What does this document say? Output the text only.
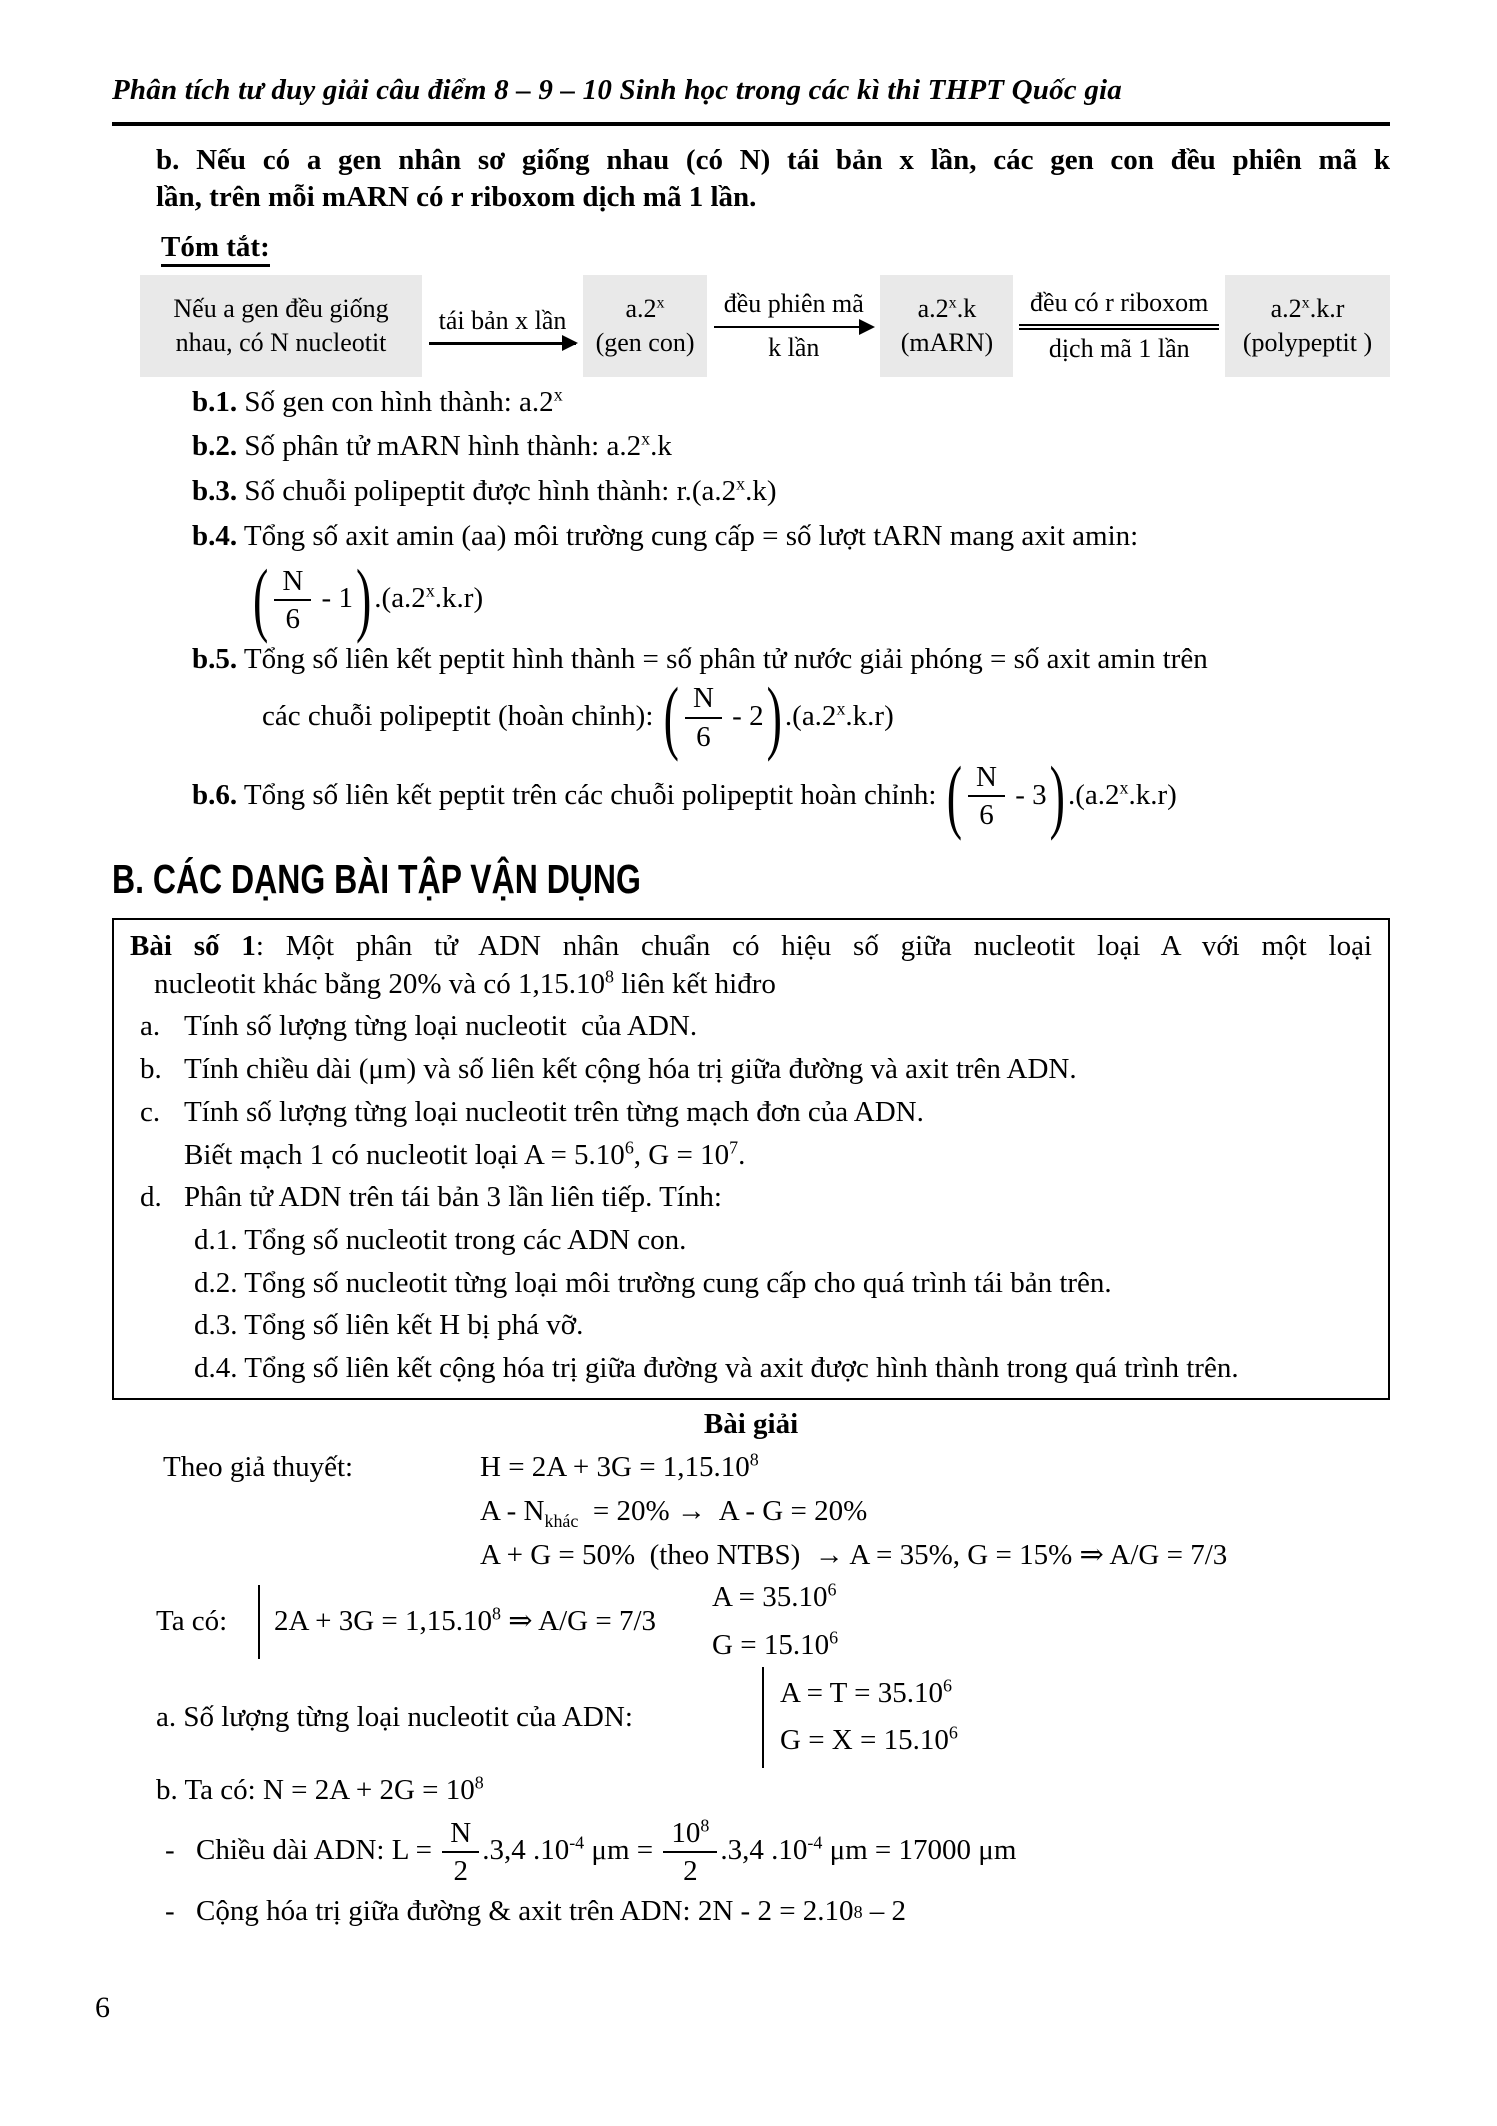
Phân tích tư duy giải câu điểm 8 – 9 – 10 Sinh học trong các kì thi THPT Quốc gia
b. Nếu có a gen nhân sơ giống nhau (có N) tái bản x lần, các gen con đều phiên mã k
lần, trên mỗi mARN có r riboxom dịch mã 1 lần.
Tóm tắt:
Nếu a gen đều giống nhau, có N nucleotit
tái bản x lần	a.2$^x$
(gen con)
đều phiên mã
k lần
a.2$^x$.k
(mARN)
đều có r riboxom
dịch mã 1 lần
a.2$^x$.k.r
(polypeptit )
b.1. Số gen con hình thành: a.2$^x$
b.2. Số phân tử mARN hình thành: a.2$^x$.k
b.3. Số chuỗi polipeptit được hình thành: r.(a.2$^x$.k)
b.4. Tổng số axit amin (aa) môi trường cung cấp = số lượt tARN mang axit amin:
( $\frac{N}{6} - 1$ ) .(a.2$^x$.k.r)
b.5. Tổng số liên kết peptit hình thành = số phân tử nước giải phóng = số axit amin trên
các chuỗi polipeptit (hoàn chỉnh): ( $\frac{N}{6} - 2$ ) .(a.2$^x$.k.r)
b.6. Tổng số liên kết peptit trên các chuỗi polipeptit hoàn chỉnh: ( $\frac{N}{6} - 3$ ) .(a.2$^x$.k.r)
B. CÁC DẠNG BÀI TẬP VẬN DỤNG
Bài số 1: Một phân tử ADN nhân chuẩn có hiệu số giữa nucleotit loại A với một loại
nucleotit khác bằng 20% và có 1,15.10$^8$ liên kết hiđro
a. Tính số lượng từng loại nucleotit  của ADN.
b. Tính chiều dài (μm) và số liên kết cộng hóa trị giữa đường và axit trên ADN.
c. Tính số lượng từng loại nucleotit trên từng mạch đơn của ADN.
Biết mạch 1 có nucleotit loại $A = 5.10^6$, $G = 10^7$.
d. Phân tử ADN trên tái bản 3 lần liên tiếp. Tính:
d.1. Tổng số nucleotit trong các ADN con.
d.2. Tổng số nucleotit từng loại môi trường cung cấp cho quá trình tái bản trên.
d.3. Tổng số liên kết H bị phá vỡ.
d.4. Tổng số liên kết cộng hóa trị giữa đường và axit được hình thành trong quá trình trên.
Bài giải
Theo giả thuyết:	$H = 2A + 3G = 1,15.10^8$
$A - N_{khác} = 20\% \to A - G = 20\%$
A + G = 50%  (theo NTBS)  → A = 35%, G = 15% ⇒ A/G = 7/3
Ta có:	$2A + 3G = 1,15.10^8$ ⇒ A/G = 7/3
$A = 35.10^6$
$G = 15.10^6$
a. Số lượng từng loại nucleotit của ADN:
$A = T = 35.10^6$
$G = X = 15.10^6$
b. Ta có: $N = 2A + 2G = 10^8$
- Chiều dài ADN: $L = \frac{N}{2} .3,4$ $.10^{-4}$ $\mu m = \frac{10^8}{2} .3,4$ $.10^{-4}$ μm = 17000 μm
- Cộng hóa trị giữa đường & axit trên ADN: 2N - 2 = 2.10 8 – 2
6
